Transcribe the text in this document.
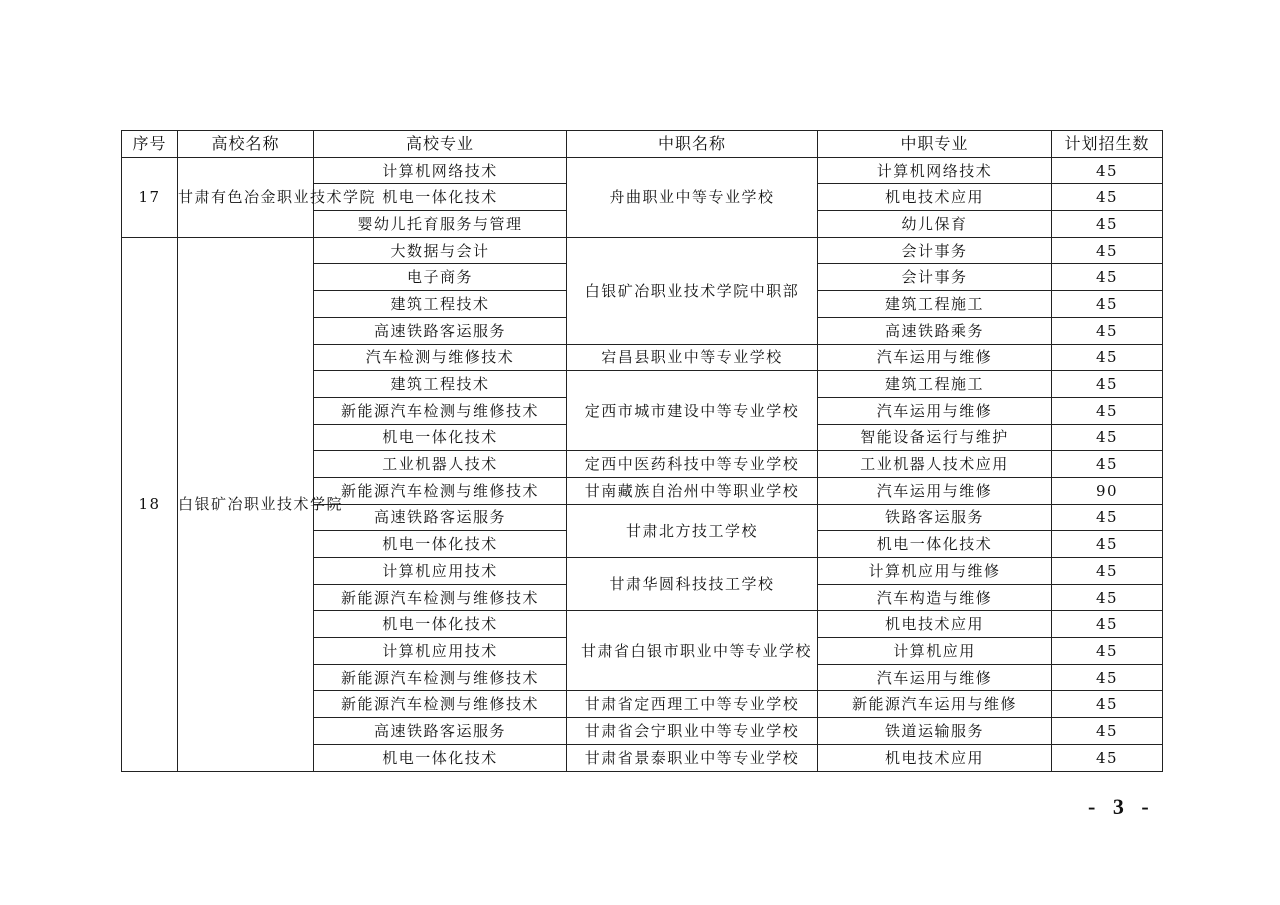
序号	高校名称	高校专业	中职名称	中职专业	计划招生数
17	甘肃有色冶金职业技术学院	计算机网络技术	舟曲职业中等专业学校	计算机网络技术	45
		机电一体化技术		机电技术应用	45
		婴幼儿托育服务与管理		幼儿保育	45
18	白银矿冶职业技术学院	大数据与会计	白银矿冶职业技术学院中职部	会计事务	45
		电子商务		会计事务	45
		建筑工程技术		建筑工程施工	45
		高速铁路客运服务		高速铁路乘务	45
		汽车检测与维修技术	宕昌县职业中等专业学校	汽车运用与维修	45
		建筑工程技术	定西市城市建设中等专业学校	建筑工程施工	45
		新能源汽车检测与维修技术		汽车运用与维修	45
		机电一体化技术		智能设备运行与维护	45
		工业机器人技术	定西中医药科技中等专业学校	工业机器人技术应用	45
		新能源汽车检测与维修技术	甘南藏族自治州中等职业学校	汽车运用与维修	90
		高速铁路客运服务	甘肃北方技工学校	铁路客运服务	45
		机电一体化技术		机电一体化技术	45
		计算机应用技术	甘肃华圆科技技工学校	计算机应用与维修	45
		新能源汽车检测与维修技术		汽车构造与维修	45
		机电一体化技术	甘肃省白银市职业中等专业学校	机电技术应用	45
		计算机应用技术		计算机应用	45
		新能源汽车检测与维修技术		汽车运用与维修	45
		新能源汽车检测与维修技术	甘肃省定西理工中等专业学校	新能源汽车运用与维修	45
		高速铁路客运服务	甘肃省会宁职业中等专业学校	铁道运输服务	45
		机电一体化技术	甘肃省景泰职业中等专业学校	机电技术应用	45
- 3 -
